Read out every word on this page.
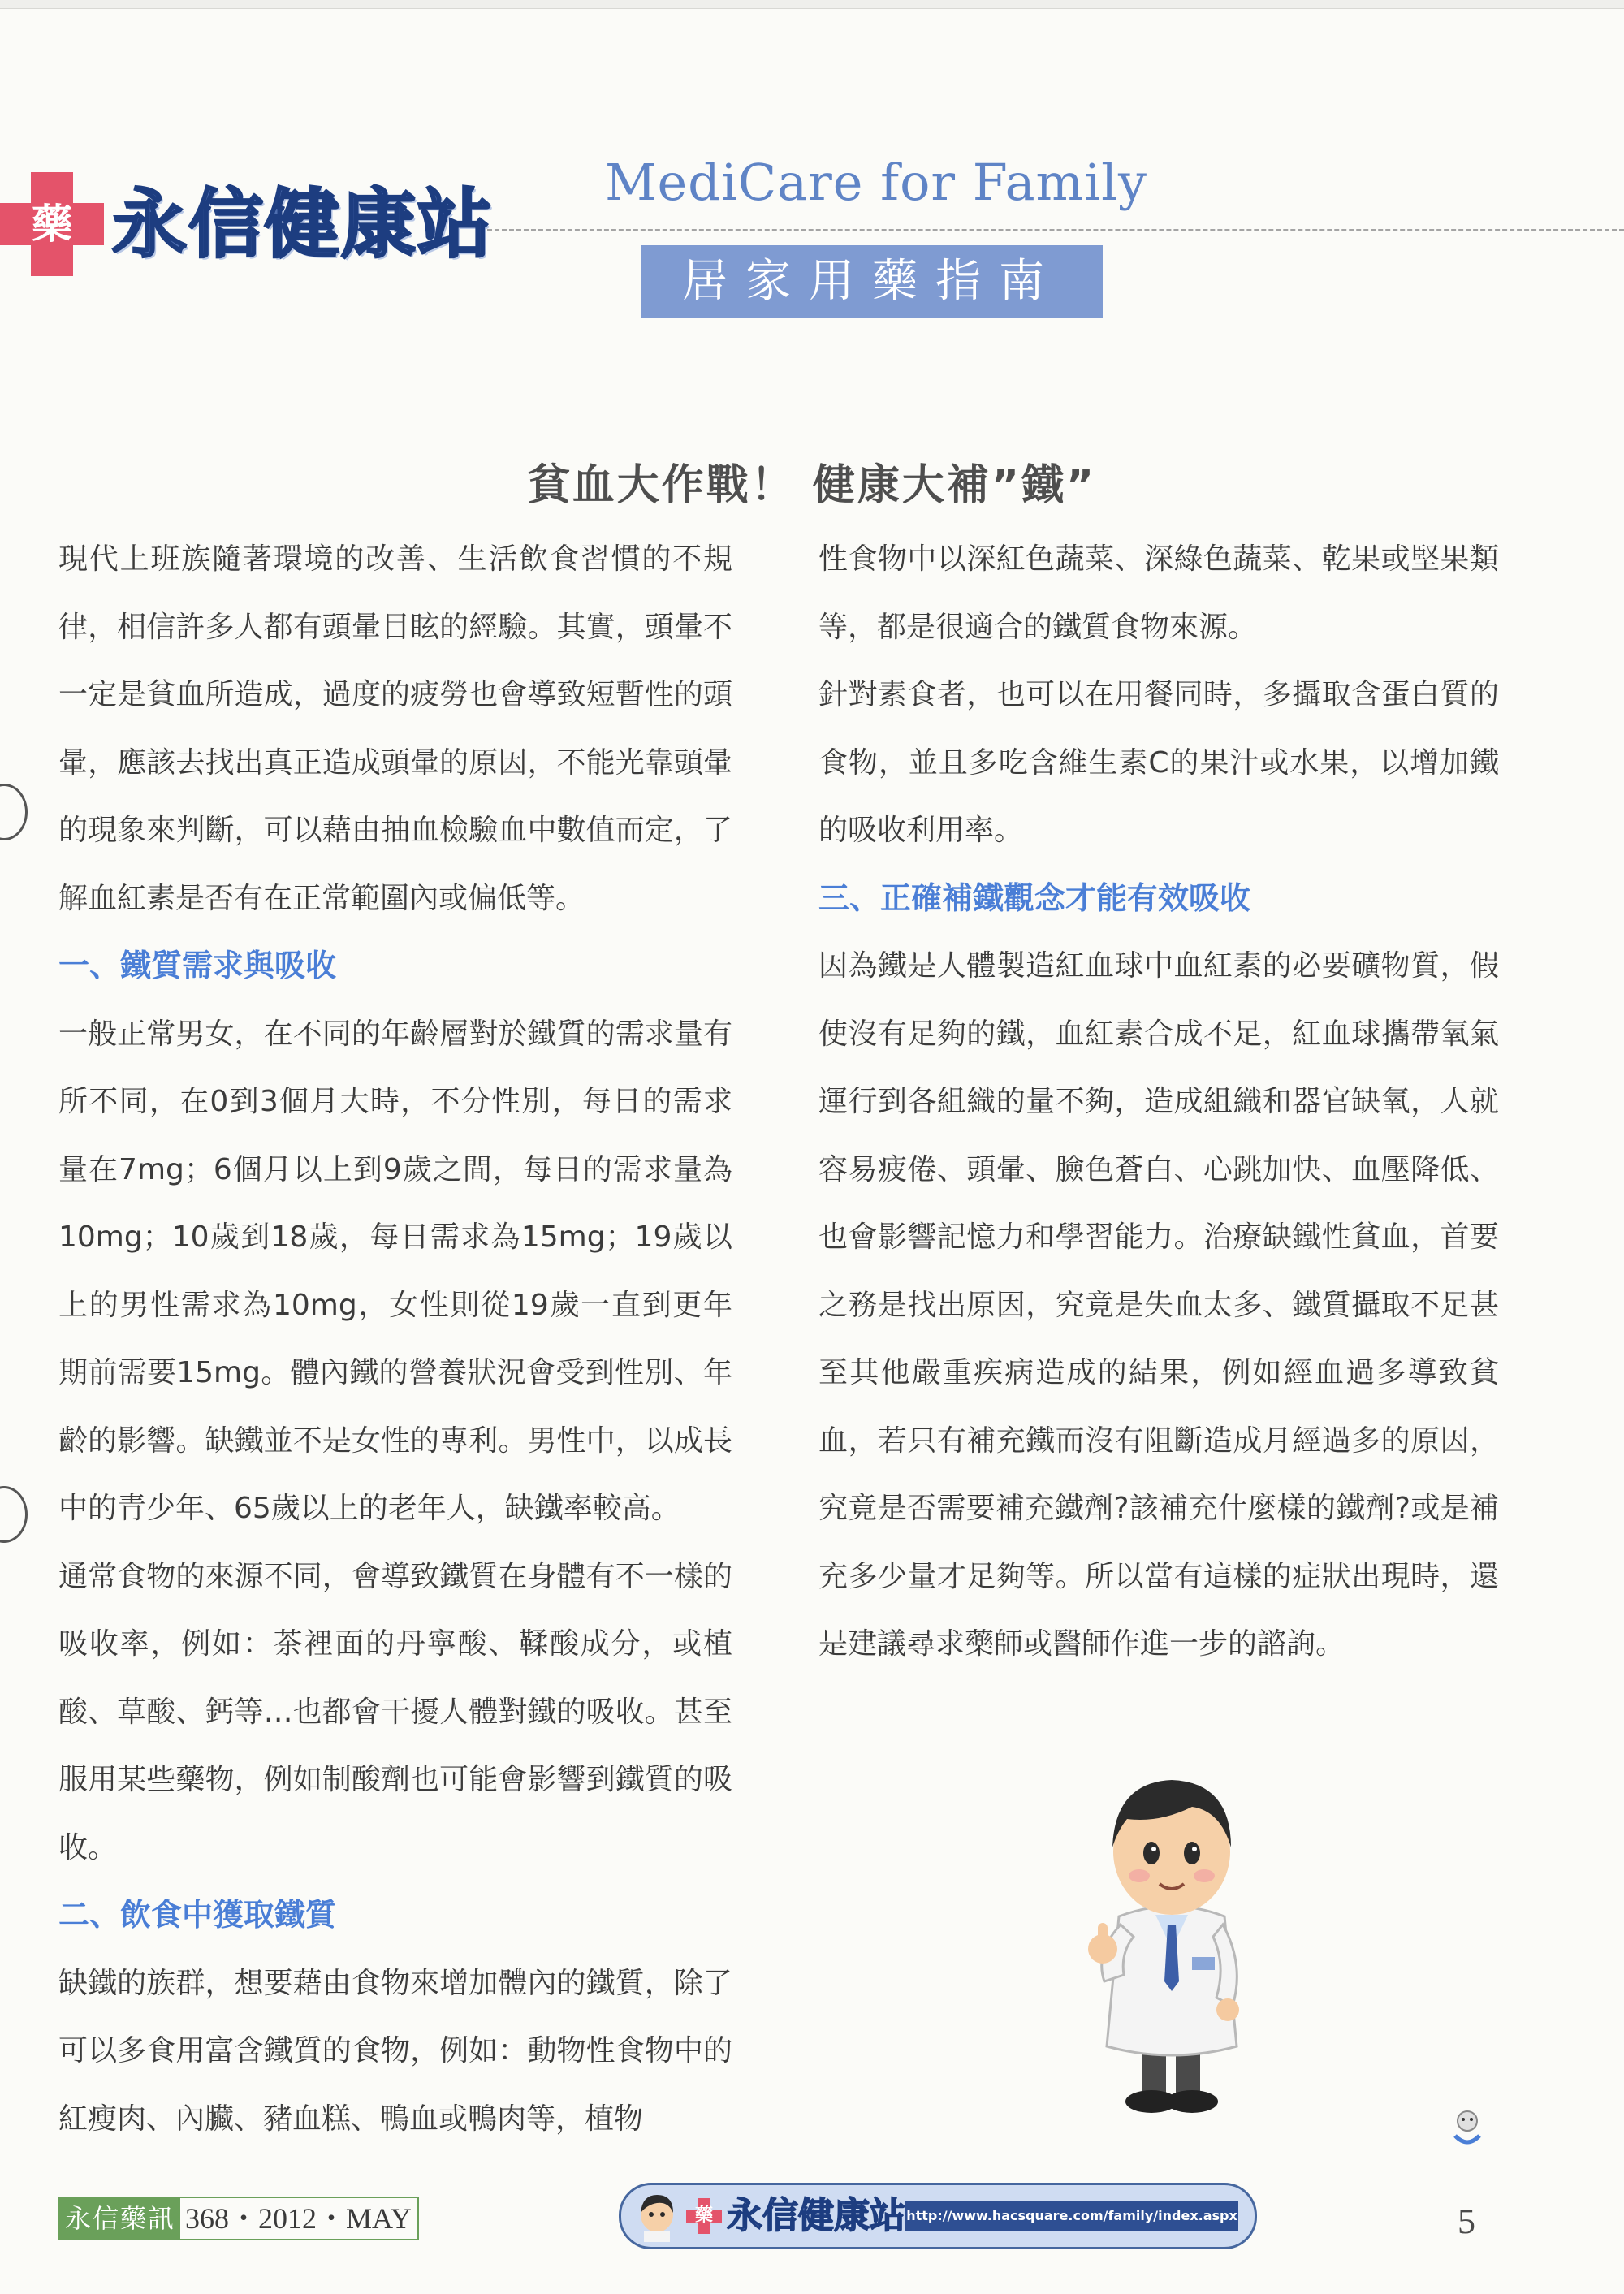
藥 永信健康站 MediCare for Family
居家用藥指南
貧血大作戰！ 健康大補”鐵”

現代上班族隨著環境的改善、生活飲食習慣的不規律，相信許多人都有頭暈目眩的經驗。其實，頭暈不一定是貧血所造成，過度的疲勞也會導致短暫性的頭暈，應該去找出真正造成頭暈的原因，不能光靠頭暈的現象來判斷，可以藉由抽血檢驗血中數值而定，了解血紅素是否有在正常範圍內或偏低等。

一、鐵質需求與吸收

一般正常男女，在不同的年齡層對於鐵質的需求量有所不同，在0到3個月大時，不分性別，每日的需求量在7mg；6個月以上到9歲之間，每日的需求量為10mg；10歲到18歲，每日需求為15mg；19歲以上的男性需求為10mg，女性則從19歲一直到更年期前需要15mg。體內鐵的營養狀況會受到性別、年齡的影響。缺鐵並不是女性的專利。男性中，以成長中的青少年、65歲以上的老年人，缺鐵率較高。

通常食物的來源不同，會導致鐵質在身體有不一樣的吸收率，例如：茶裡面的丹寧酸、鞣酸成分，或植酸、草酸、鈣等…也都會干擾人體對鐵的吸收。甚至服用某些藥物，例如制酸劑也可能會影響到鐵質的吸收。

二、飲食中獲取鐵質

缺鐵的族群，想要藉由食物來增加體內的鐵質，除了可以多食用富含鐵質的食物，例如：動物性食物中的紅瘦肉、內臟、豬血糕、鴨血或鴨肉等，植物

性食物中以深紅色蔬菜、深綠色蔬菜、乾果或堅果類等，都是很適合的鐵質食物來源。

針對素食者，也可以在用餐同時，多攝取含蛋白質的食物，並且多吃含維生素C的果汁或水果，以增加鐵的吸收利用率。

三、正確補鐵觀念才能有效吸收

因為鐵是人體製造紅血球中血紅素的必要礦物質，假使沒有足夠的鐵，血紅素合成不足，紅血球攜帶氧氣運行到各組織的量不夠，造成組織和器官缺氧，人就容易疲倦、頭暈、臉色蒼白、心跳加快、血壓降低、也會影響記憶力和學習能力。治療缺鐵性貧血，首要之務是找出原因，究竟是失血太多、鐵質攝取不足甚至其他嚴重疾病造成的結果，例如經血過多導致貧血，若只有補充鐵而沒有阻斷造成月經過多的原因，究竟是否需要補充鐵劑?該補充什麼樣的鐵劑?或是補充多少量才足夠等。所以當有這樣的症狀出現時，還是建議尋求藥師或醫師作進一步的諮詢。

永信藥訊 368・2012・MAY	藥 永信健康站 http://www.hacsquare.com/family/index.aspx	5
